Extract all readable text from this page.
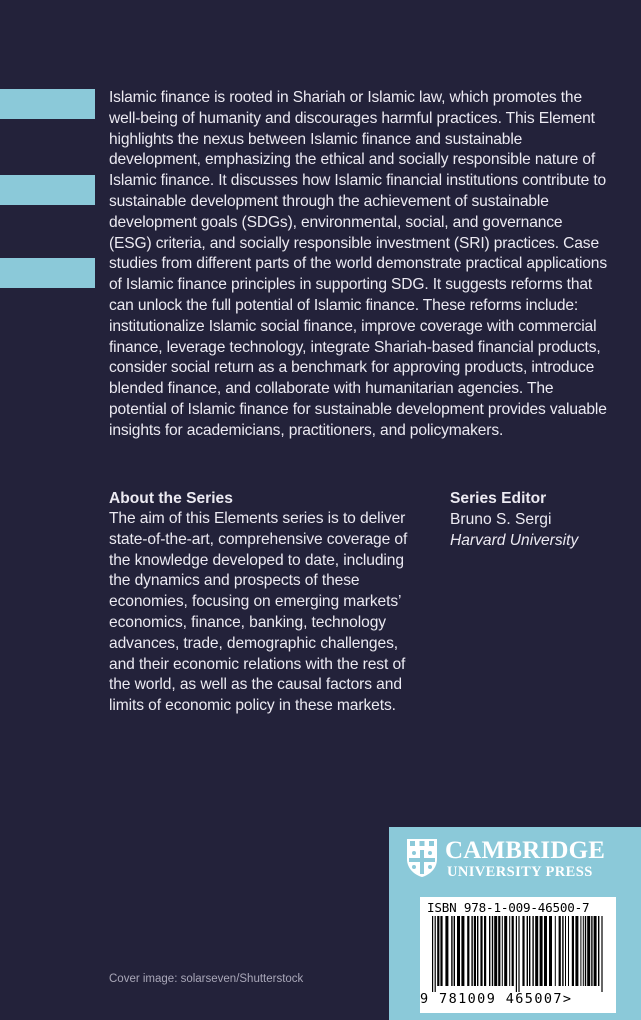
Islamic finance is rooted in Shariah or Islamic law, which promotes the well-being of humanity and discourages harmful practices. This Element highlights the nexus between Islamic finance and sustainable development, emphasizing the ethical and socially responsible nature of Islamic finance. It discusses how Islamic financial institutions contribute to sustainable development through the achievement of sustainable development goals (SDGs), environmental, social, and governance (ESG) criteria, and socially responsible investment (SRI) practices. Case studies from different parts of the world demonstrate practical applications of Islamic finance principles in supporting SDG. It suggests reforms that can unlock the full potential of Islamic finance. These reforms include: institutionalize Islamic social finance, improve coverage with commercial finance, leverage technology, integrate Shariah-based financial products, consider social return as a benchmark for approving products, introduce blended finance, and collaborate with humanitarian agencies. The potential of Islamic finance for sustainable development provides valuable insights for academicians, practitioners, and policymakers.

About the Series

The aim of this Elements series is to deliver state-of-the-art, comprehensive coverage of the knowledge developed to date, including the dynamics and prospects of these economies, focusing on emerging markets’ economics, finance, banking, technology advances, trade, demographic challenges, and their economic relations with the rest of the world, as well as the causal factors and limits of economic policy in these markets.

Series Editor
Bruno S. Sergi
Harvard University
Cover image: solarseven/Shutterstock
CAMBRIDGE
UNIVERSITY PRESS
ISBN 978-1-009-46500-7
9 781009 465007>
